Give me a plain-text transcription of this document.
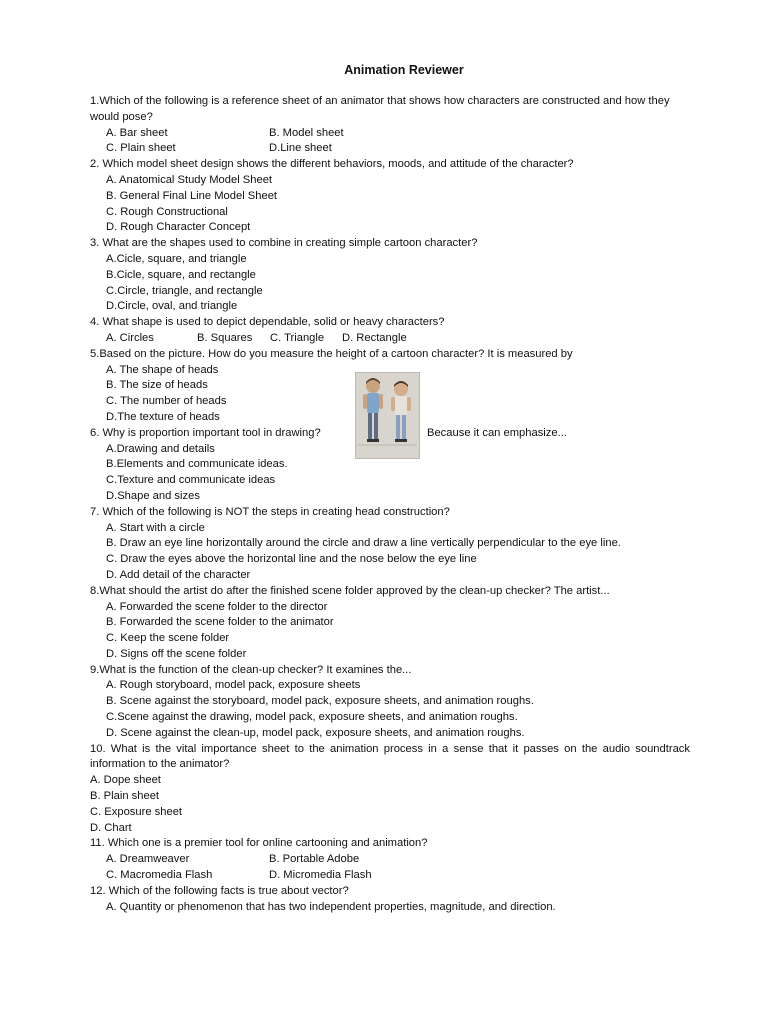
Animation Reviewer

1.Which of the following is a reference sheet of an animator that shows how characters are constructed and how they would pose?

A. Bar sheet	B. Model sheet
C. Plain sheet	D.Line sheet

2. Which model sheet design shows the different behaviors, moods, and attitude of the character?

A. Anatomical Study Model Sheet

B. General Final Line Model Sheet

C. Rough Constructional

D. Rough Character Concept

3. What are the shapes used to combine in creating simple cartoon character?

A.Cicle, square, and triangle

B.Cicle, square, and rectangle

C.Circle, triangle, and rectangle

D.Circle, oval, and triangle

4. What shape is used to depict dependable, solid or heavy characters?

A. Circles	B. Squares	C. Triangle	D. Rectangle

5.Based on the picture. How do you measure the height of a cartoon character? It is measured by

A. The shape of heads

B. The size of heads

C. The number of heads

D.The texture of heads

6. Why is proportion important tool in drawing?	Because it can emphasize...

A.Drawing and details

B.Elements and communicate ideas.

C.Texture and communicate ideas

D.Shape and sizes

7. Which of the following is NOT the steps in creating head construction?

A. Start with a circle

B. Draw an eye line horizontally around the circle and draw a line vertically perpendicular to the eye line.

C. Draw the eyes above the horizontal line and the nose below the eye line

D. Add detail of the character

8.What should the artist do after the finished scene folder approved by the clean-up checker? The artist...

A. Forwarded the scene folder to the director

B. Forwarded the scene folder to the animator

C. Keep the scene folder

D. Signs off the scene folder

9.What is the function of the clean-up checker? It examines the...

A. Rough storyboard, model pack, exposure sheets

B. Scene against the storyboard, model pack, exposure sheets, and animation roughs.

C.Scene against the drawing, model pack, exposure sheets, and animation roughs.

D. Scene against the clean-up, model pack, exposure sheets, and animation roughs.

10. What is the vital importance sheet to the animation process in a sense that it passes on the audio soundtrack information to the animator?

A. Dope sheet

B. Plain sheet

C. Exposure sheet

D. Chart

11. Which one is a premier tool for online cartooning and animation?

A. Dreamweaver	B. Portable Adobe
C. Macromedia Flash	D. Micromedia Flash

12. Which of the following facts is true about vector?

A. Quantity or phenomenon that has two independent properties, magnitude, and direction.
